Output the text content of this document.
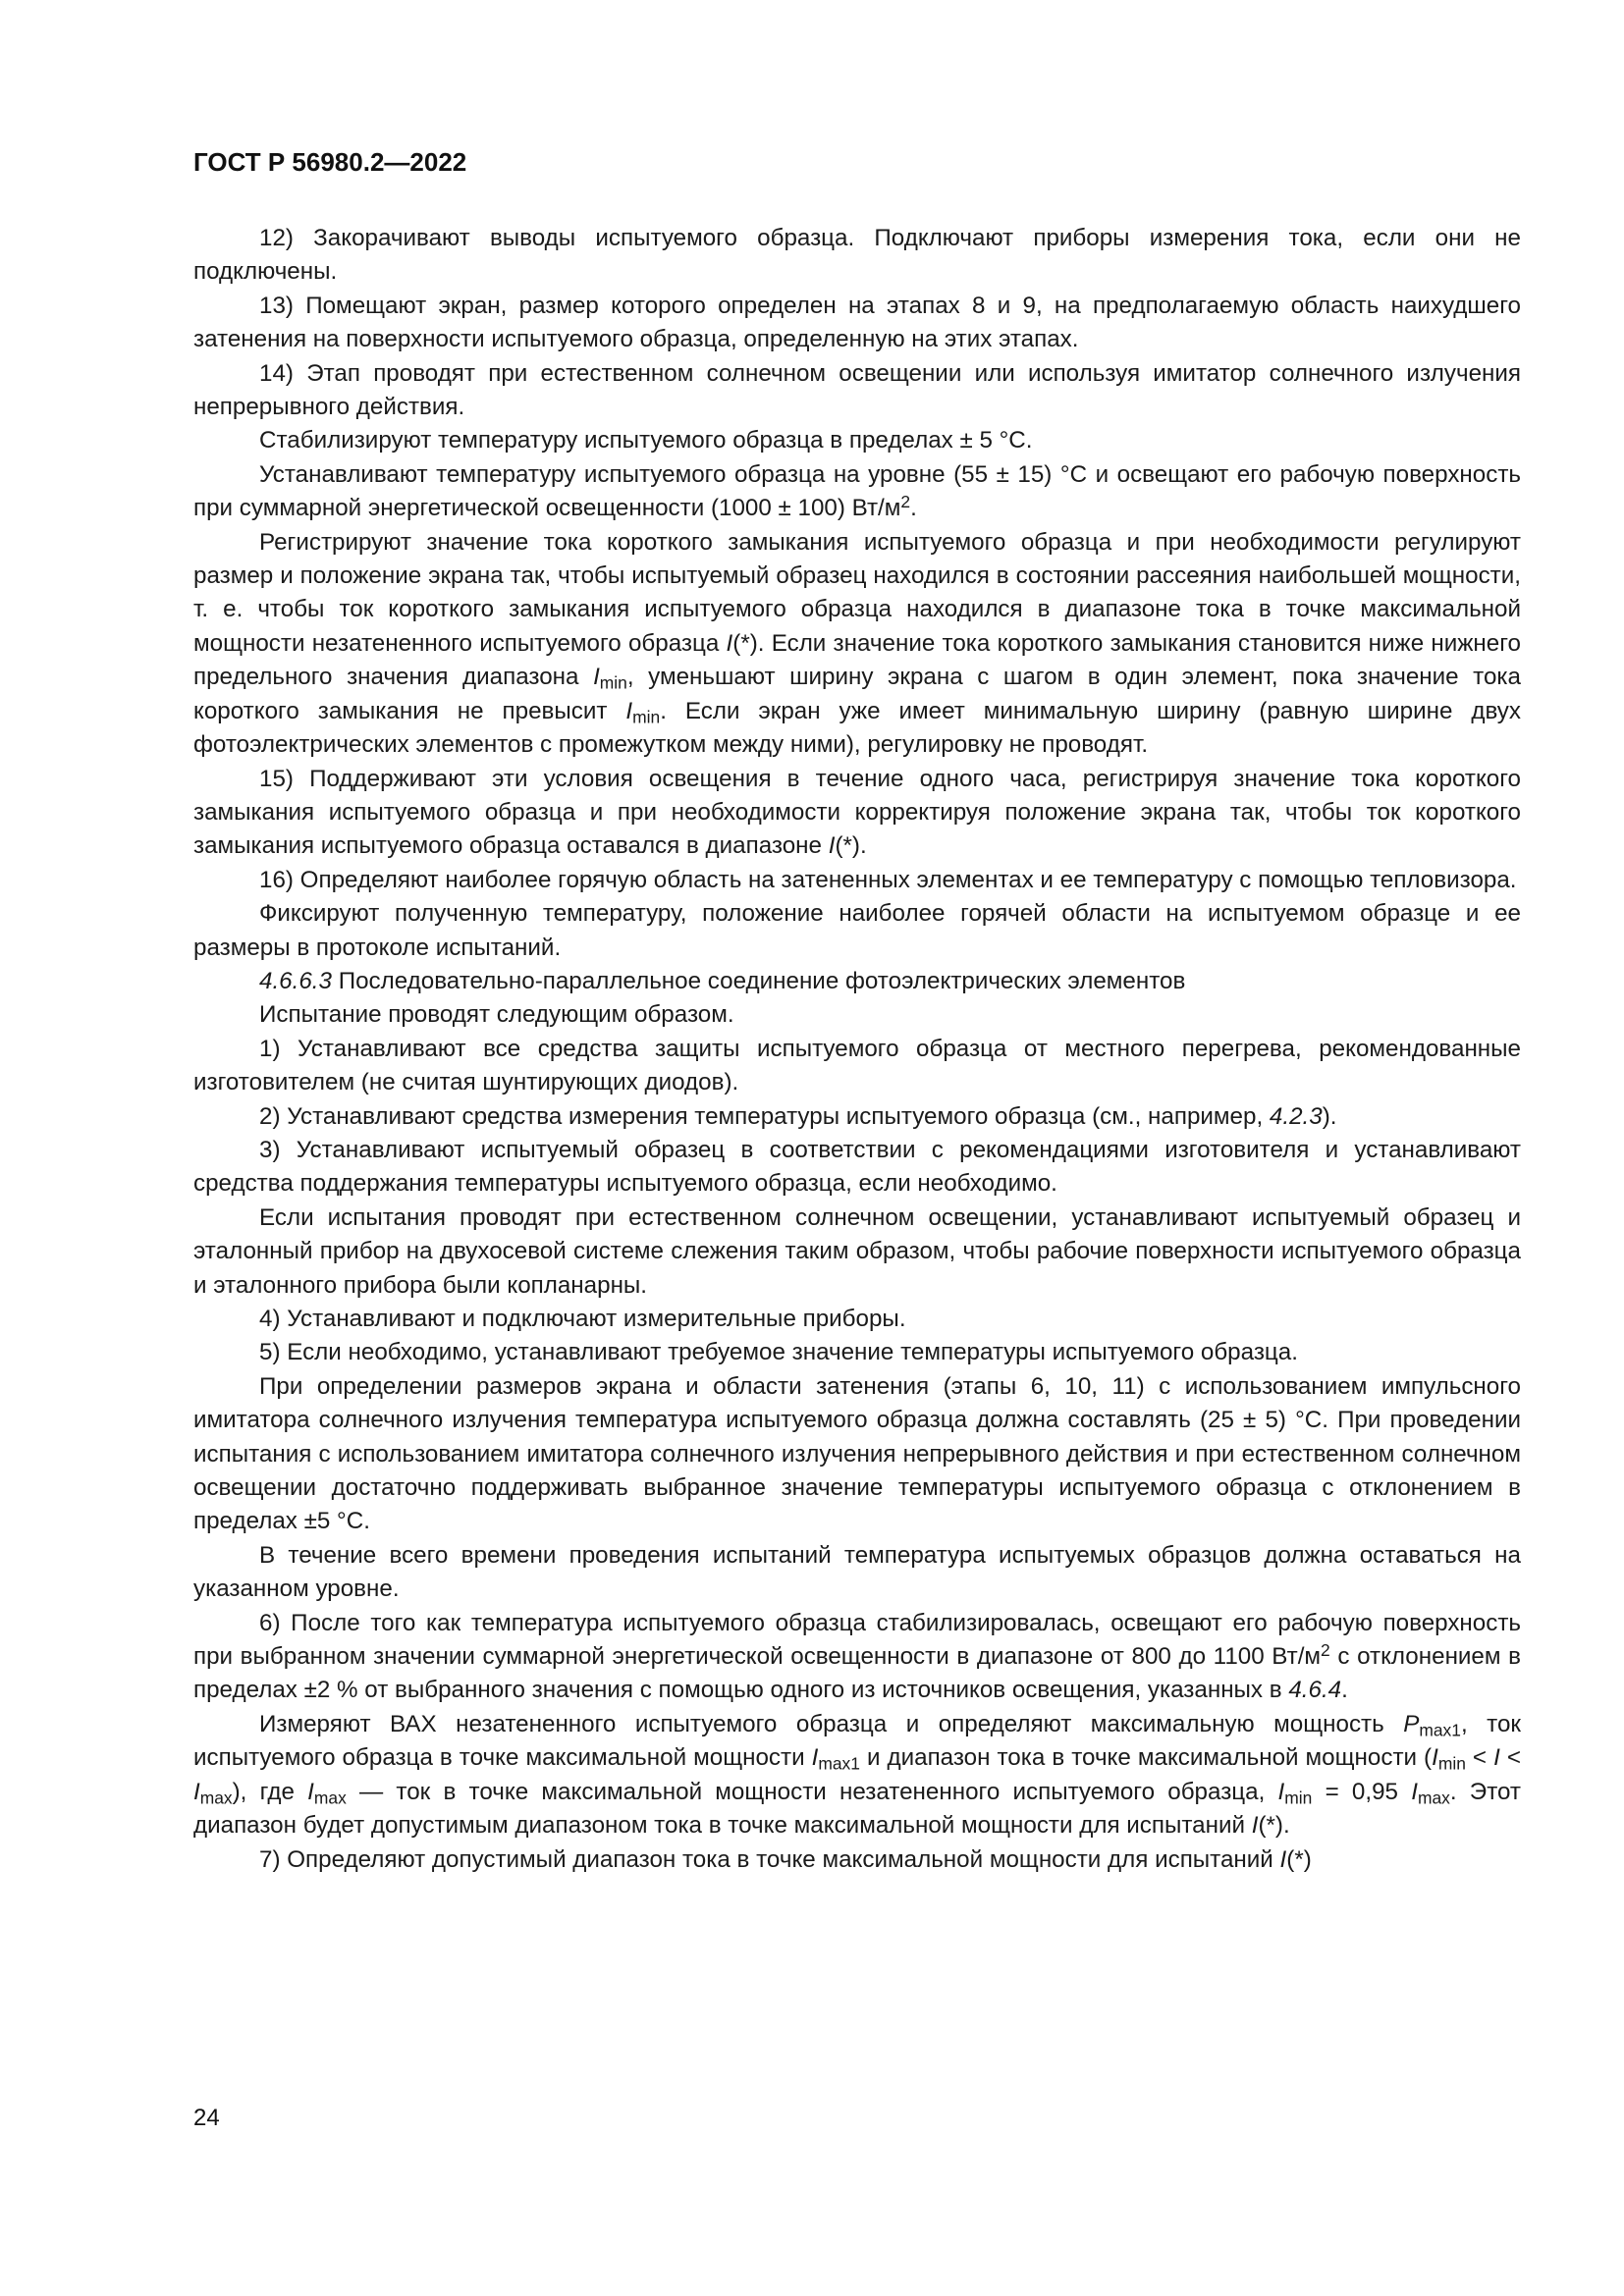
ГОСТ Р 56980.2—2022

12) Закорачивают выводы испытуемого образца. Подключают приборы измерения тока, если они не подключены.

13) Помещают экран, размер которого определен на этапах 8 и 9, на предполагаемую область наихудшего затенения на поверхности испытуемого образца, определенную на этих этапах.

14) Этап проводят при естественном солнечном освещении или используя имитатор солнечного излучения непрерывного действия.

Стабилизируют температуру испытуемого образца в пределах ± 5 °С.

Устанавливают температуру испытуемого образца на уровне (55 ± 15) °С и освещают его рабочую поверхность при суммарной энергетической освещенности (1000 ± 100) $Вт/м^2$.

Регистрируют значение тока короткого замыкания испытуемого образца и при необходимости регулируют размер и положение экрана так, чтобы испытуемый образец находился в состоянии рассеяния наибольшей мощности, т. е. чтобы ток короткого замыкания испытуемого образца находился в диапазоне тока в точке максимальной мощности незатененного испытуемого образца I(*). Если значение тока короткого замыкания становится ниже нижнего предельного значения диапазона $I_{min}$, уменьшают ширину экрана с шагом в один элемент, пока значение тока короткого замыкания не превысит $I_{min}$. Если экран уже имеет минимальную ширину (равную ширине двух фотоэлектрических элементов с промежутком между ними), регулировку не проводят.

15) Поддерживают эти условия освещения в течение одного часа, регистрируя значение тока короткого замыкания испытуемого образца и при необходимости корректируя положение экрана так, чтобы ток короткого замыкания испытуемого образца оставался в диапазоне I(*).

16) Определяют наиболее горячую область на затененных элементах и ее температуру с помощью тепловизора.

Фиксируют полученную температуру, положение наиболее горячей области на испытуемом образце и ее размеры в протоколе испытаний.

4.6.6.3 Последовательно-параллельное соединение фотоэлектрических элементов

Испытание проводят следующим образом.

1) Устанавливают все средства защиты испытуемого образца от местного перегрева, рекомендованные изготовителем (не считая шунтирующих диодов).

2) Устанавливают средства измерения температуры испытуемого образца (см., например, 4.2.3).

3) Устанавливают испытуемый образец в соответствии с рекомендациями изготовителя и устанавливают средства поддержания температуры испытуемого образца, если необходимо.

Если испытания проводят при естественном солнечном освещении, устанавливают испытуемый образец и эталонный прибор на двухосевой системе слежения таким образом, чтобы рабочие поверхности испытуемого образца и эталонного прибора были копланарны.

4) Устанавливают и подключают измерительные приборы.

5) Если необходимо, устанавливают требуемое значение температуры испытуемого образца.

При определении размеров экрана и области затенения (этапы 6, 10, 11) с использованием импульсного имитатора солнечного излучения температура испытуемого образца должна составлять (25 ± 5) °С. При проведении испытания с использованием имитатора солнечного излучения непрерывного действия и при естественном солнечном освещении достаточно поддерживать выбранное значение температуры испытуемого образца с отклонением в пределах ±5 °С.

В течение всего времени проведения испытаний температура испытуемых образцов должна оставаться на указанном уровне.

6) После того как температура испытуемого образца стабилизировалась, освещают его рабочую поверхность при выбранном значении суммарной энергетической освещенности в диапазоне от 800 до 1100 $Вт/м^2$ с отклонением в пределах ±2 % от выбранного значения с помощью одного из источников освещения, указанных в 4.6.4.

Измеряют ВАХ незатененного испытуемого образца и определяют максимальную мощность $P_{max1}$, ток испытуемого образца в точке максимальной мощности $I_{max1}$ и диапазон тока в точке максимальной мощности $(I_{min} < I < I_{max})$, где $I_{max}$ — ток в точке максимальной мощности незатененного испытуемого образца, $I_{min} = 0,95$ $I_{max}$. Этот диапазон будет допустимым диапазоном тока в точке максимальной мощности для испытаний I(*).

7) Определяют допустимый диапазон тока в точке максимальной мощности для испытаний I(*)

24
